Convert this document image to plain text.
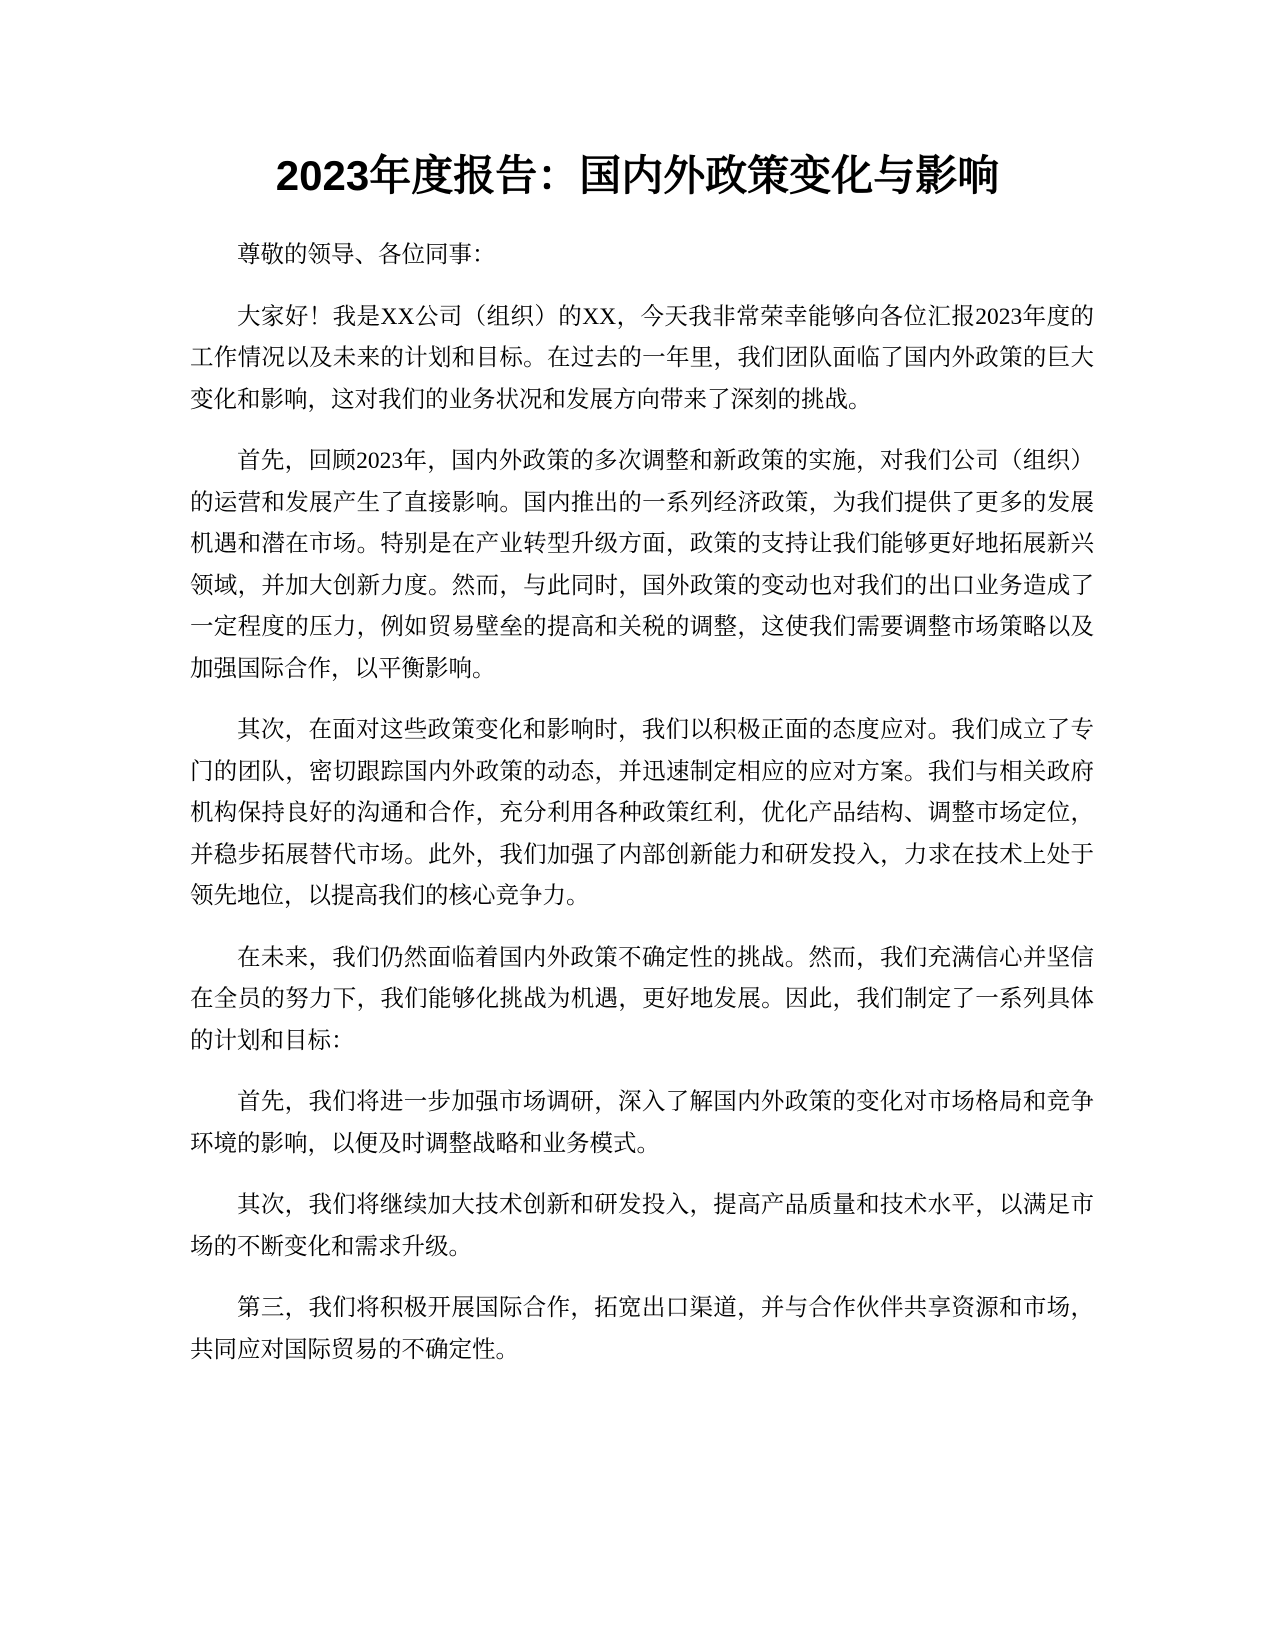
2023年度报告：国内外政策变化与影响

尊敬的领导、各位同事：

大家好！我是XX公司（组织）的XX，今天我非常荣幸能够向各位汇报2023年度的工作情况以及未来的计划和目标。在过去的一年里，我们团队面临了国内外政策的巨大变化和影响，这对我们的业务状况和发展方向带来了深刻的挑战。

首先，回顾2023年，国内外政策的多次调整和新政策的实施，对我们公司（组织）的运营和发展产生了直接影响。国内推出的一系列经济政策，为我们提供了更多的发展机遇和潜在市场。特别是在产业转型升级方面，政策的支持让我们能够更好地拓展新兴领域，并加大创新力度。然而，与此同时，国外政策的变动也对我们的出口业务造成了一定程度的压力，例如贸易壁垒的提高和关税的调整，这使我们需要调整市场策略以及加强国际合作，以平衡影响。

其次，在面对这些政策变化和影响时，我们以积极正面的态度应对。我们成立了专门的团队，密切跟踪国内外政策的动态，并迅速制定相应的应对方案。我们与相关政府机构保持良好的沟通和合作，充分利用各种政策红利，优化产品结构、调整市场定位，并稳步拓展替代市场。此外，我们加强了内部创新能力和研发投入，力求在技术上处于领先地位，以提高我们的核心竞争力。

在未来，我们仍然面临着国内外政策不确定性的挑战。然而，我们充满信心并坚信在全员的努力下，我们能够化挑战为机遇，更好地发展。因此，我们制定了一系列具体的计划和目标：

首先，我们将进一步加强市场调研，深入了解国内外政策的变化对市场格局和竞争环境的影响，以便及时调整战略和业务模式。

其次，我们将继续加大技术创新和研发投入，提高产品质量和技术水平，以满足市场的不断变化和需求升级。

第三，我们将积极开展国际合作，拓宽出口渠道，并与合作伙伴共享资源和市场，共同应对国际贸易的不确定性。
